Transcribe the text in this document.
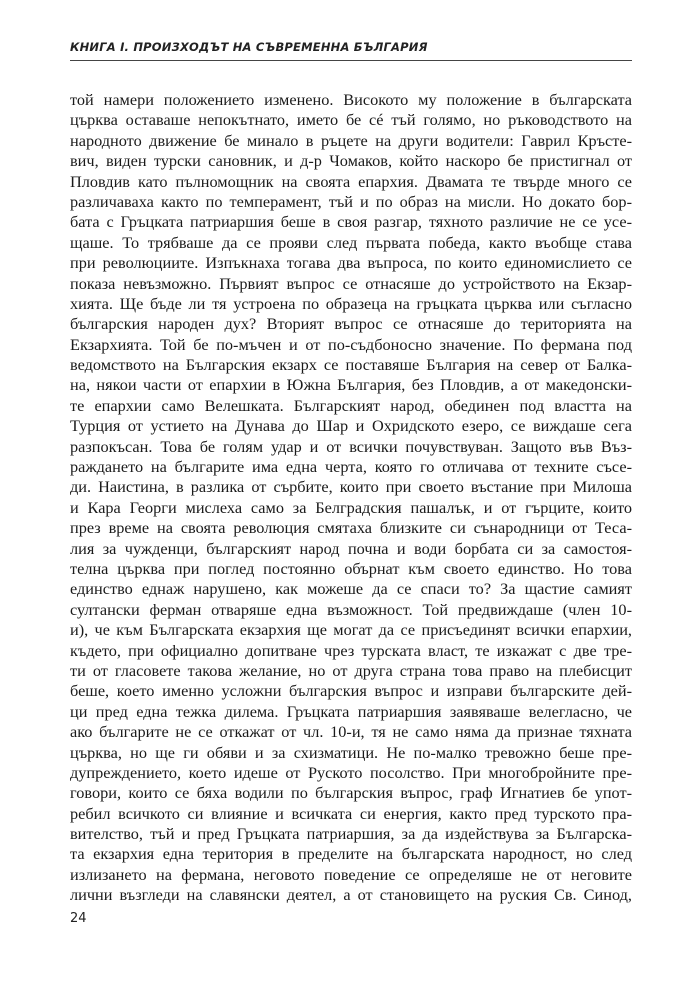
КНИГА I. ПРОИЗХОДЪТ НА СЪВРЕМЕННА БЪЛГАРИЯ
той намери положението изменено. Високото му положение в българската
църква оставаше непокътнато, името бе сé тъй голямо, но ръководството на
народното движение бе минало в ръцете на други водители: Гаврил Кръсте-
вич, виден турски сановник, и д-р Чомаков, който наскоро бе пристигнал от
Пловдив като пълномощник на своята епархия. Двамата те твърде много се
различаваха както по темперамент, тъй и по образ на мисли. Но докато бор-
бата с Гръцката патриаршия беше в своя разгар, тяхното различие не се усе-
щаше. То трябваше да се прояви след първата победа, както въобще става
при революциите. Изпъкнаха тогава два въпроса, по които единомислието се
показа невъзможно. Първият въпрос се отнасяше до устройството на Екзар-
хията. Ще бъде ли тя устроена по образеца на гръцката църква или съгласно
българския народен дух? Вторият въпрос се отнасяше до територията на
Екзархията. Той бе по-мъчен и от по-съдбоносно значение. По фермана под
ведомството на Българския екзарх се поставяше България на север от Балка-
на, някои части от епархии в Южна България, без Пловдив, а от македонски-
те епархии само Велешката. Българският народ, обединен под властта на
Турция от устието на Дунава до Шар и Охридското езеро, се виждаше сега
разпокъсан. Това бе голям удар и от всички почувствуван. Защото във Въз-
раждането на българите има една черта, която го отличава от техните съсе-
ди. Наистина, в разлика от сърбите, които при своето въстание при Милоша
и Кара Георги мислеха само за Белградския пашалък, и от гърците, които
през време на своята революция смятаха близките си сънародници от Теса-
лия за чужденци, българският народ почна и води борбата си за самостоя-
телна църква при поглед постоянно обърнат към своето единство. Но това
единство еднаж нарушено, как можеше да се спаси то? За щастие самият
султански ферман отваряше една възможност. Той предвиждаше (член 10-
и), че към Българската екзархия ще могат да се присъединят всички епархии,
където, при официално допитване чрез турската власт, те изкажат с две тре-
ти от гласовете такова желание, но от друга страна това право на плебисцит
беше, което именно усложни българския въпрос и изправи българските дей-
ци пред една тежка дилема. Гръцката патриаршия заявяваше велегласно, че
ако българите не се откажат от чл. 10-и, тя не само няма да признае тяхната
църква, но ще ги обяви и за схизматици. Не по-малко тревожно беше пре-
дупреждението, което идеше от Руското посолство. При многобройните пре-
говори, които се бяха водили по българския въпрос, граф Игнатиев бе упот-
ребил всичкото си влияние и всичката си енергия, както пред турското пра-
вителство, тъй и пред Гръцката патриаршия, за да издействува за Българска-
та екзархия една територия в пределите на българската народност, но след
излизането на фермана, неговото поведение се определяше не от неговите
лични възгледи на славянски деятел, а от становището на руския Св. Синод,
24
